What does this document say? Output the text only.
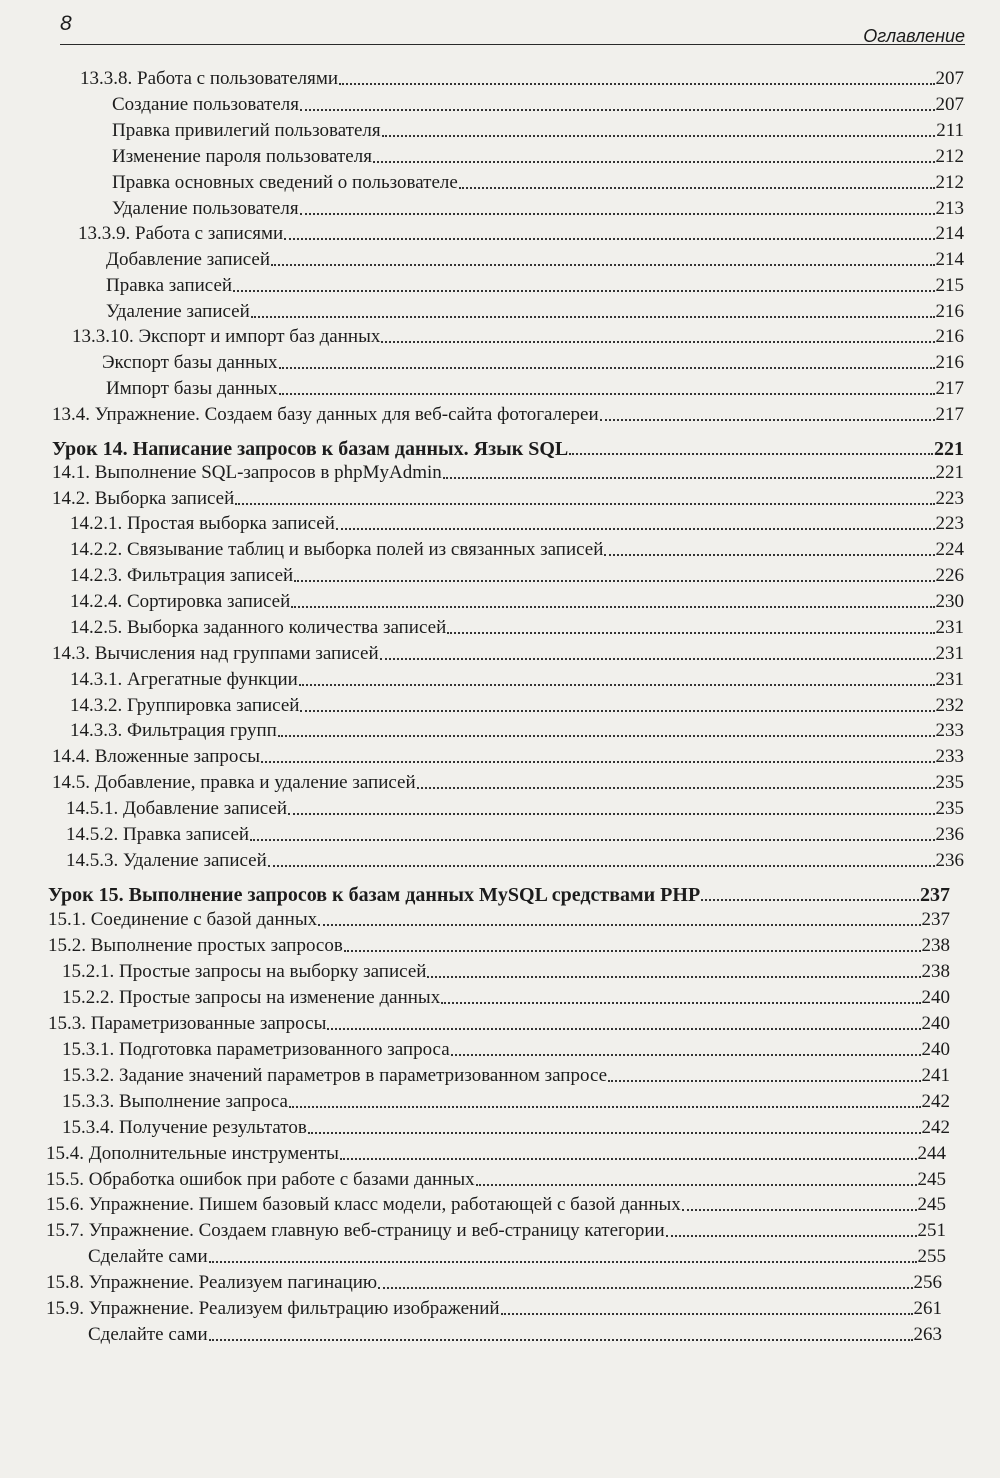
8
Оглавление
13.3.8. Работа с пользователями	207
Создание пользователя	207
Правка привилегий пользователя	211
Изменение пароля пользователя	212
Правка основных сведений о пользователе	212
Удаление пользователя	213
13.3.9. Работа с записями	214
Добавление записей	214
Правка записей	215
Удаление записей	216
13.3.10. Экспорт и импорт баз данных	216
Экспорт базы данных	216
Импорт базы данных	217
13.4. Упражнение. Создаем базу данных для веб-сайта фотогалереи	217
Урок 14. Написание запросов к базам данных. Язык SQL	221
14.1. Выполнение SQL-запросов в phpMyAdmin	221
14.2. Выборка записей	223
14.2.1. Простая выборка записей	223
14.2.2. Связывание таблиц и выборка полей из связанных записей	224
14.2.3. Фильтрация записей	226
14.2.4. Сортировка записей	230
14.2.5. Выборка заданного количества записей	231
14.3. Вычисления над группами записей	231
14.3.1. Агрегатные функции	231
14.3.2. Группировка записей	232
14.3.3. Фильтрация групп	233
14.4. Вложенные запросы	233
14.5. Добавление, правка и удаление записей	235
14.5.1. Добавление записей	235
14.5.2. Правка записей	236
14.5.3. Удаление записей	236
Урок 15. Выполнение запросов к базам данных MySQL средствами PHP	237
15.1. Соединение с базой данных	237
15.2. Выполнение простых запросов	238
15.2.1. Простые запросы на выборку записей	238
15.2.2. Простые запросы на изменение данных	240
15.3. Параметризованные запросы	240
15.3.1. Подготовка параметризованного запроса	240
15.3.2. Задание значений параметров в параметризованном запросе	241
15.3.3. Выполнение запроса	242
15.3.4. Получение результатов	242
15.4. Дополнительные инструменты	244
15.5. Обработка ошибок при работе с базами данных	245
15.6. Упражнение. Пишем базовый класс модели, работающей с базой данных	245
15.7. Упражнение. Создаем главную веб-страницу и веб-страницу категории	251
Сделайте сами	255
15.8. Упражнение. Реализуем пагинацию	256
15.9. Упражнение. Реализуем фильтрацию изображений	261
Сделайте сами	263
